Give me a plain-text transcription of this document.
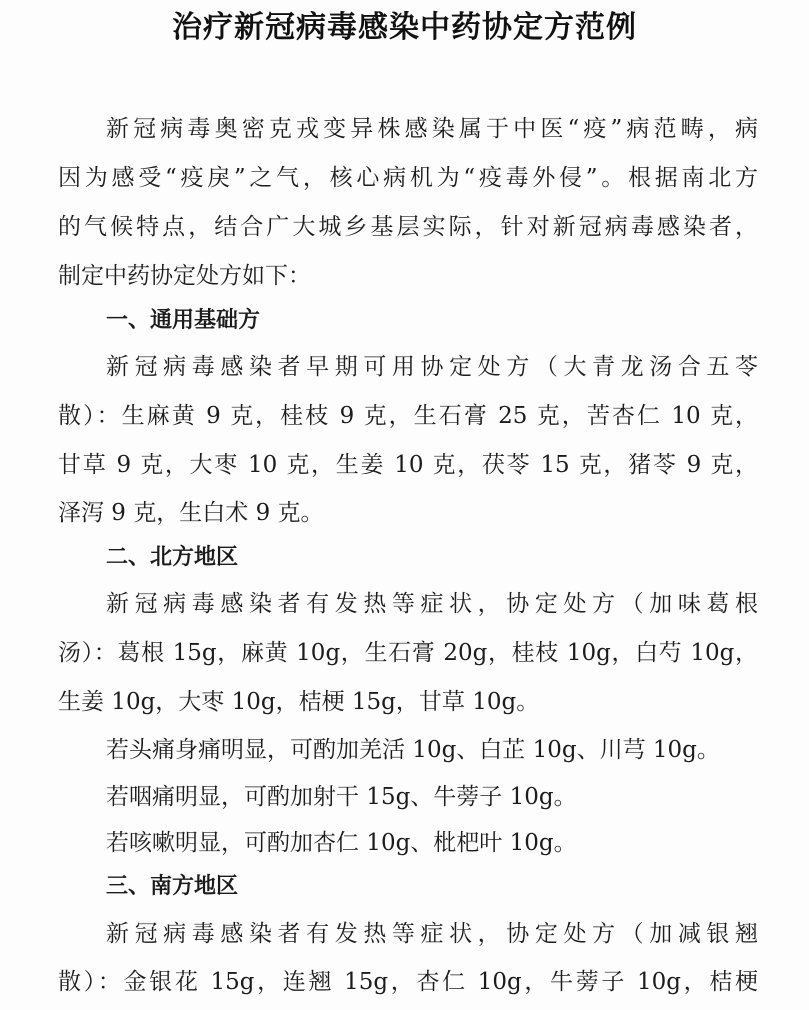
治疗新冠病毒感染中药协定方范例
新冠病毒奥密克戎变异株感染属于中医“疫”病范畴，病
因为感受“疫戾”之气，核心病机为“疫毒外侵”。根据南北方
的气候特点，结合广大城乡基层实际，针对新冠病毒感染者，
制定中药协定处方如下：
一、通用基础方
新冠病毒感染者早期可用协定处方（大青龙汤合五苓
散）：生麻黄 9 克，桂枝 9 克，生石膏 25 克，苦杏仁 10 克，
甘草 9 克，大枣 10 克，生姜 10 克，茯苓 15 克，猪苓 9 克，
泽泻 9 克，生白术 9 克。
二、北方地区
新冠病毒感染者有发热等症状，协定处方（加味葛根
汤）：葛根 15g，麻黄 10g，生石膏 20g，桂枝 10g，白芍 10g，
生姜 10g，大枣 10g，桔梗 15g，甘草 10g。
若头痛身痛明显，可酌加羌活 10g、白芷 10g、川芎 10g。
若咽痛明显，可酌加射干 15g、牛蒡子 10g。
若咳嗽明显，可酌加杏仁 10g、枇杷叶 10g。
三、南方地区
新冠病毒感染者有发热等症状，协定处方（加减银翘
散）：金银花 15g，连翘 15g，杏仁 10g，牛蒡子 10g，桔梗
